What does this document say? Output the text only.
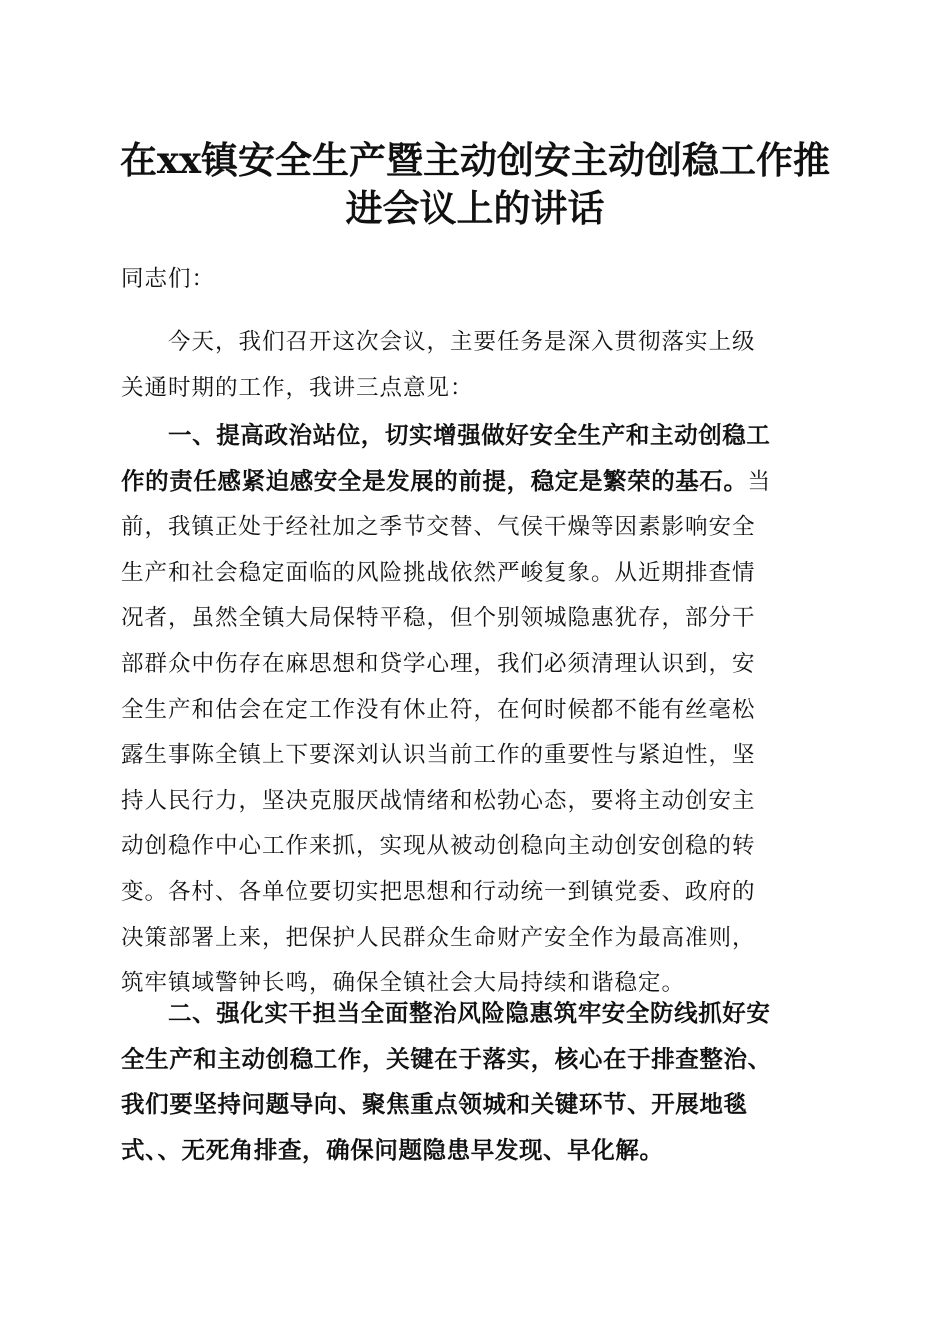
在xx镇安全生产暨主动创安主动创稳工作推
进会议上的讲话
同志们：
今天，我们召开这次会议，主要任务是深入贯彻落实上级
关通时期的工作，我讲三点意见：
一、提高政治站位，切实增强做好安全生产和主动创稳工
作的责任感紧迫感安全是发展的前提，稳定是繁荣的基石。当
前，我镇正处于经社加之季节交替、气侯干燥等因素影响安全
生产和社会稳定面临的风险挑战依然严峻复象。从近期排查情
况者，虽然全镇大局保特平稳，但个别领城隐惠犹存，部分干
部群众中伤存在麻思想和贷学心理，我们必须清理认识到，安
全生产和估会在定工作没有休止符，在何时候都不能有丝毫松
露生事陈全镇上下要深刘认识当前工作的重要性与紧迫性，坚
持人民行力，坚决克服厌战情绪和松勃心态，要将主动创安主
动创稳作中心工作来抓，实现从被动创稳向主动创安创稳的转
变。各村、各单位要切实把思想和行动统一到镇党委、政府的
决策部署上来，把保护人民群众生命财产安全作为最高准则，
筑牢镇域警钟长鸣，确保全镇社会大局持续和谐稳定。
二、强化实干担当全面整治风险隐惠筑牢安全防线抓好安
全生产和主动创稳工作，关键在于落实，核心在于排查整治、
我们要坚持问题导向、聚焦重点领城和关键环节、开展地毯
式、、无死角排查，确保问题隐患早发现、早化解。
